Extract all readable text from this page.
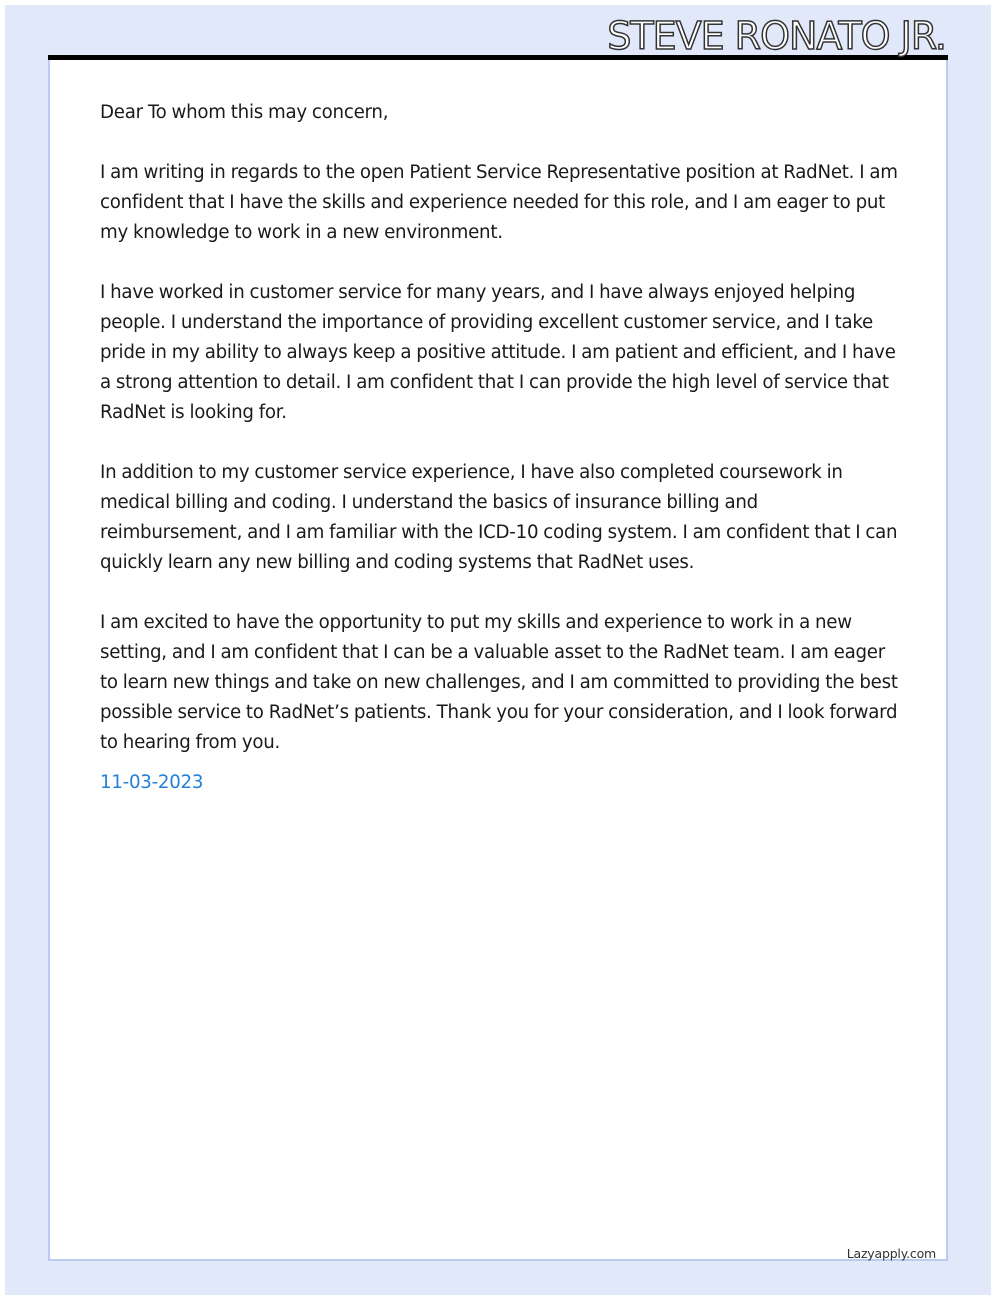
STEVE RONATO JR.

Dear To whom this may concern,

I am writing in regards to the open Patient Service Representative position at RadNet. I am confident that I have the skills and experience needed for this role, and I am eager to put my knowledge to work in a new environment.

I have worked in customer service for many years, and I have always enjoyed helping people. I understand the importance of providing excellent customer service, and I take pride in my ability to always keep a positive attitude. I am patient and efficient, and I have a strong attention to detail. I am confident that I can provide the high level of service that RadNet is looking for.

In addition to my customer service experience, I have also completed coursework in medical billing and coding. I understand the basics of insurance billing and reimbursement, and I am familiar with the ICD-10 coding system. I am confident that I can quickly learn any new billing and coding systems that RadNet uses.

I am excited to have the opportunity to put my skills and experience to work in a new setting, and I am confident that I can be a valuable asset to the RadNet team. I am eager to learn new things and take on new challenges, and I am committed to providing the best possible service to RadNet’s patients. Thank you for your consideration, and I look forward to hearing from you.

11-03-2023

Lazyapply.com
